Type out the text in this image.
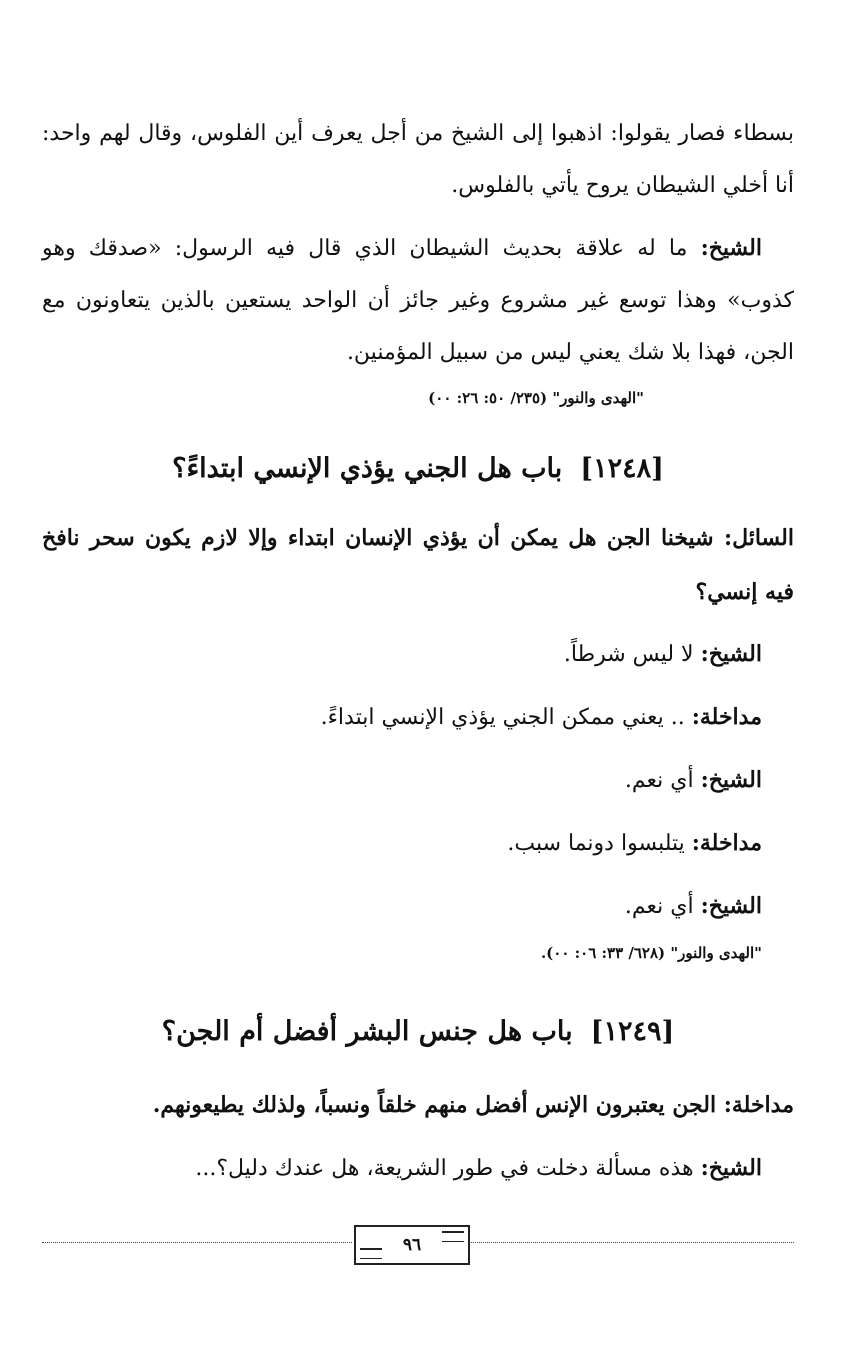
بسطاء فصار يقولوا: اذهبوا إلى الشيخ من أجل يعرف أين الفلوس، وقال لهم واحد: أنا أخلي الشيطان يروح يأتي بالفلوس.

الشيخ: ما له علاقة بحديث الشيطان الذي قال فيه الرسول: «صدقك وهو كذوب» وهذا توسع غير مشروع وغير جائز أن الواحد يستعين بالذين يتعاونون مع الجن، فهذا بلا شك يعني ليس من سبيل المؤمنين.

"الهدى والنور" (٢٣٥/ ٥٠: ٢٦: ٠٠)

[١٢٤٨]باب هل الجني يؤذي الإنسي ابتداءً؟

السائل: شيخنا الجن هل يمكن أن يؤذي الإنسان ابتداء وإلا لازم يكون سحر نافخ فيه إنسي؟

الشيخ: لا ليس شرطاً.

مداخلة: .. يعني ممكن الجني يؤذي الإنسي ابتداءً.

الشيخ: أي نعم.

مداخلة: يتلبسوا دونما سبب.

الشيخ: أي نعم.

"الهدى والنور" (٦٢٨/ ٣٣: ٠٦: ٠٠).

[١٢٤٩]باب هل جنس البشر أفضل أم الجن؟

مداخلة: الجن يعتبرون الإنس أفضل منهم خلقاً ونسباً، ولذلك يطيعونهم.

الشيخ: هذه مسألة دخلت في طور الشريعة، هل عندك دليل؟...

٩٦
